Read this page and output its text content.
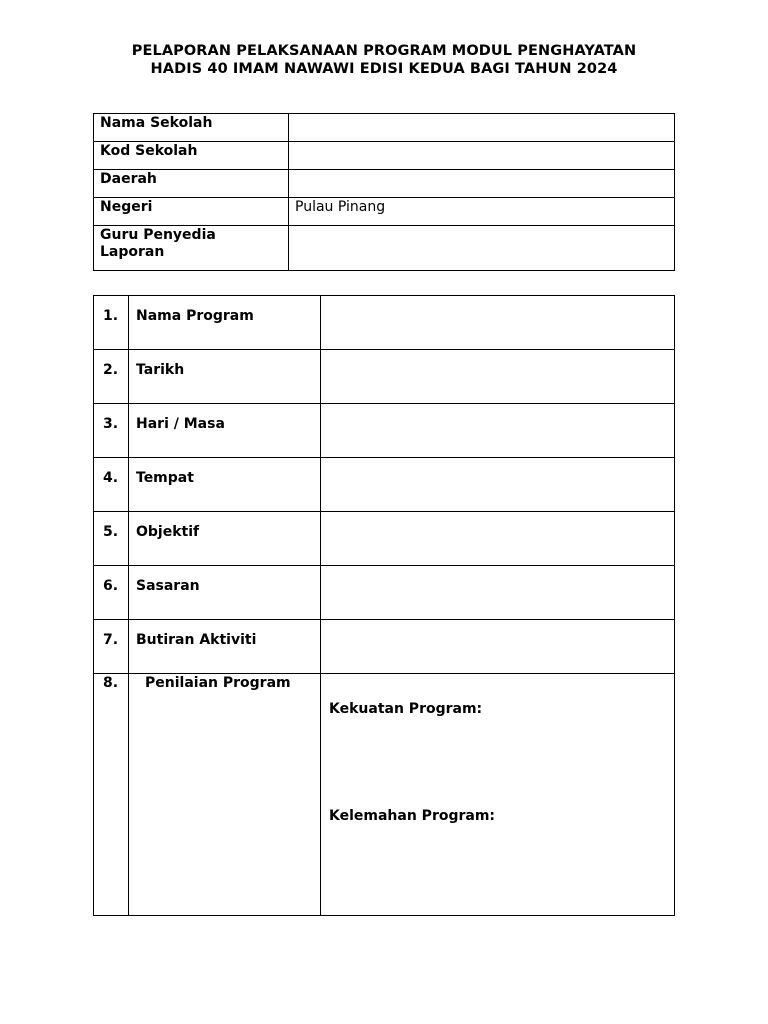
PELAPORAN PELAKSANAAN PROGRAM MODUL PENGHAYATAN
HADIS 40 IMAM NAWAWI EDISI KEDUA BAGI TAHUN 2024
Nama Sekolah	
Kod Sekolah	
Daerah	
Negeri	Pulau Pinang

Guru Penyedia
Laporan	

1.	Nama Program	
2.	Tarikh	
3.	Hari / Masa	
4.	Tempat	
5.	Objektif	
6.	Sasaran	
7.	Butiran Aktiviti	
8.	Penilaian Program	
Kekuatan Program:
Kelemahan Program:
